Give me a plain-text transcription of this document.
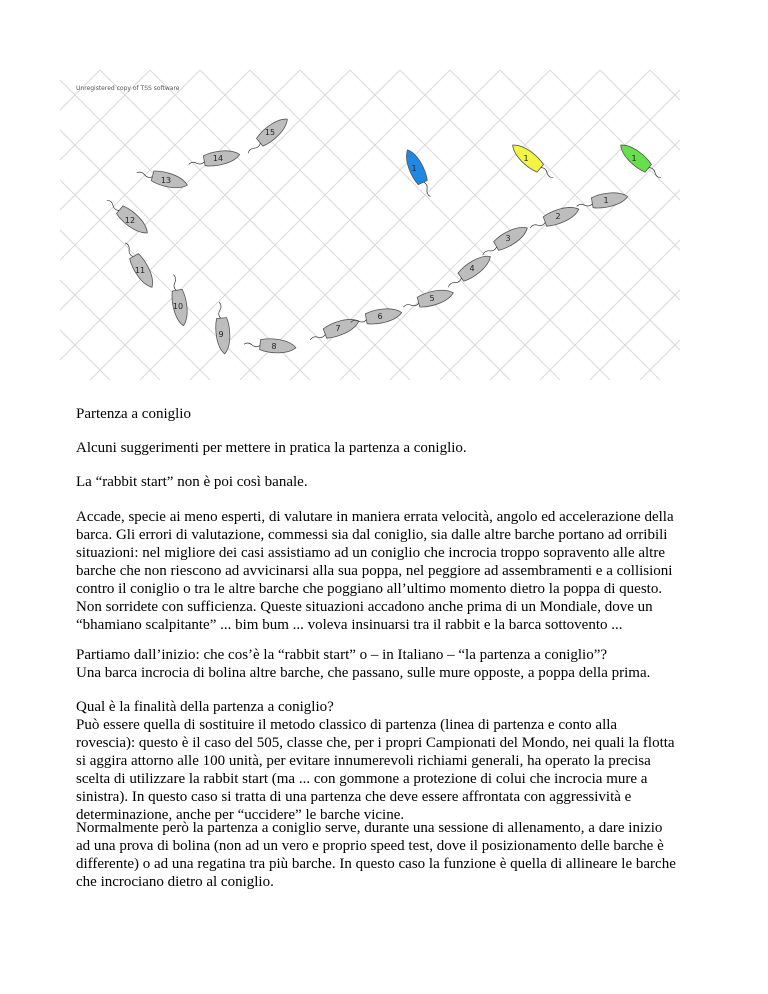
Unregistered copy of TSS software
15
14
13
12
11
10
9
8
7
6
5
4
3
2
1
1
1	1

Partenza a coniglio

Alcuni suggerimenti per mettere in pratica la partenza a coniglio.

La “rabbit start” non è poi così banale.

Accade, specie ai meno esperti, di valutare in maniera errata velocità, angolo ed accelerazione della
barca. Gli errori di valutazione, commessi sia dal coniglio, sia dalle altre barche portano ad orribili
situazioni: nel migliore dei casi assistiamo ad un coniglio che incrocia troppo sopravento alle altre
barche che non riescono ad avvicinarsi alla sua poppa, nel peggiore ad assembramenti e a collisioni
contro il coniglio o tra le altre barche che poggiano all’ultimo momento dietro la poppa di questo.
Non sorridete con sufficienza. Queste situazioni accadono anche prima di un Mondiale, dove un
“bhamiano scalpitante” ... bim bum ... voleva insinuarsi tra il rabbit e la barca sottovento ...

Partiamo dall’inizio: che cos’è la “rabbit start” o – in Italiano – “la partenza a coniglio”?
Una barca incrocia di bolina altre barche, che passano, sulle mure opposte, a poppa della prima.

Qual è la finalità della partenza a coniglio?
Può essere quella di sostituire il metodo classico di partenza (linea di partenza e conto alla
rovescia): questo è il caso del 505, classe che, per i propri Campionati del Mondo, nei quali la flotta
si aggira attorno alle 100 unità, per evitare innumerevoli richiami generali, ha operato la precisa
scelta di utilizzare la rabbit start (ma ... con gommone a protezione di colui che incrocia mure a
sinistra). In questo caso si tratta di una partenza che deve essere affrontata con aggressività e
determinazione, anche per “uccidere” le barche vicine.

Normalmente però la partenza a coniglio serve, durante una sessione di allenamento, a dare inizio
ad una prova di bolina (non ad un vero e proprio speed test, dove il posizionamento delle barche è
differente) o ad una regatina tra più barche. In questo caso la funzione è quella di allineare le barche
che incrociano dietro al coniglio.
